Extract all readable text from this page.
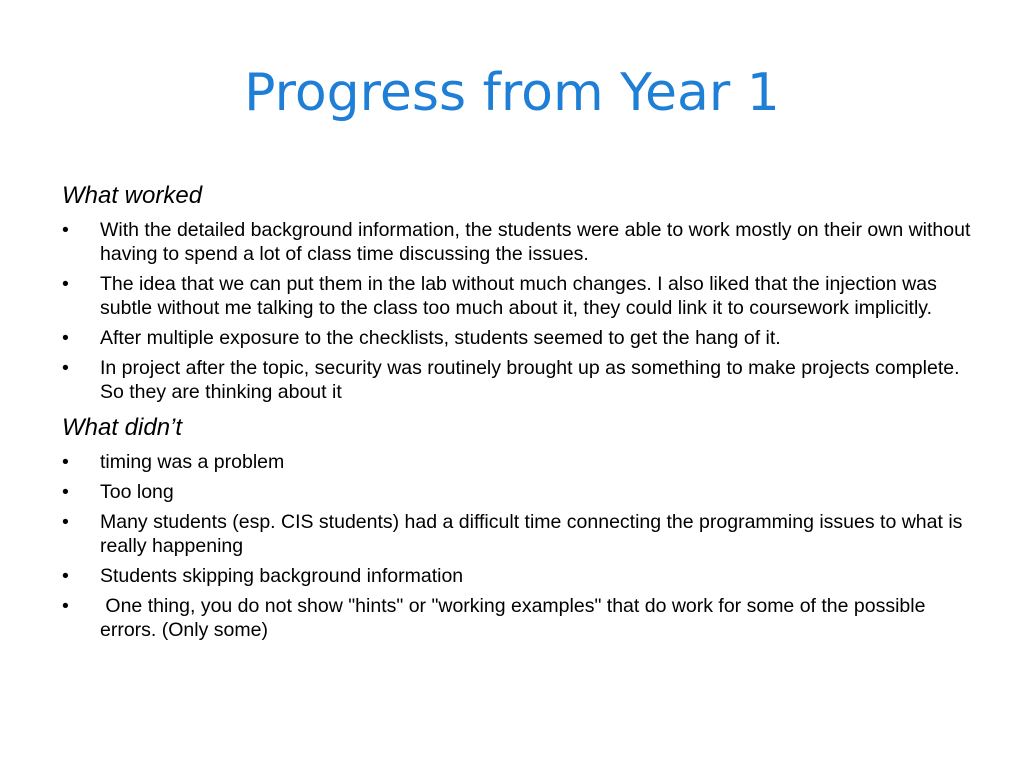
Progress from Year 1
What worked
•	With the detailed background information, the students were able to work mostly on their own without having to spend a lot of class time discussing the issues.
•	The idea that we can put them in the lab without much changes. I also liked that the injection was subtle without me talking to the class too much about it, they could link it to coursework implicitly.
•	After multiple exposure to the checklists, students seemed to get the hang of it.
•	In project after the topic, security was routinely brought up as something to make projects complete. So they are thinking about it
What didn’t
•	timing was a problem
•	Too long
•	Many students (esp. CIS students) had a difficult time connecting the programming issues to what is really happening
•	Students skipping background information
•	One thing, you do not show "hints" or "working examples" that do work for some of the possible errors. (Only some)
